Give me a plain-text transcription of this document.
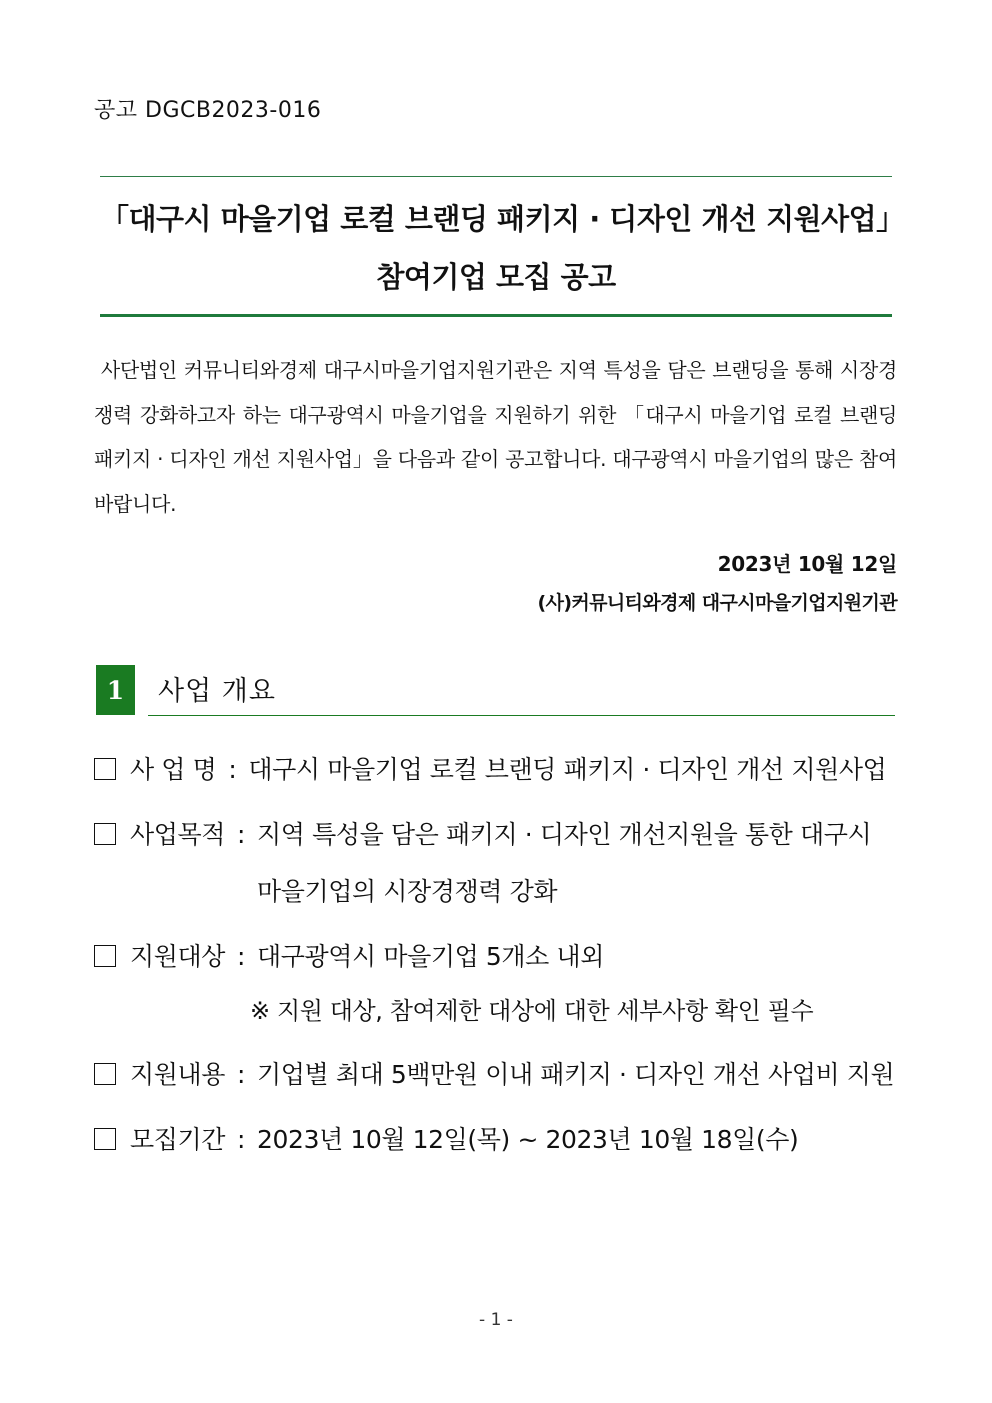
공고 DGCB2023-016
「대구시 마을기업 로컬 브랜딩 패키지 · 디자인 개선 지원사업」
참여기업 모집 공고
사단법인 커뮤니티와경제 대구시마을기업지원기관은 지역 특성을 담은 브랜딩을 통해 시장경쟁력 강화하고자 하는 대구광역시 마을기업을 지원하기 위한 「대구시 마을기업 로컬 브랜딩 패키지 · 디자인 개선 지원사업」을 다음과 같이 공고합니다. 대구광역시 마을기업의 많은 참여 바랍니다.
2023년 10월 12일
(사)커뮤니티와경제 대구시마을기업지원기관
1	사업 개요
사 업 명 : 대구시 마을기업 로컬 브랜딩 패키지 · 디자인 개선 지원사업
사업목적 : 지역 특성을 담은 패키지 · 디자인 개선지원을 통한 대구시
마을기업의 시장경쟁력 강화
지원대상 : 대구광역시 마을기업 5개소 내외
※ 지원 대상, 참여제한 대상에 대한 세부사항 확인 필수
지원내용 : 기업별 최대 5백만원 이내 패키지 · 디자인 개선 사업비 지원
모집기간 : 2023년 10월 12일(목) ~ 2023년 10월 18일(수)
- 1 -
